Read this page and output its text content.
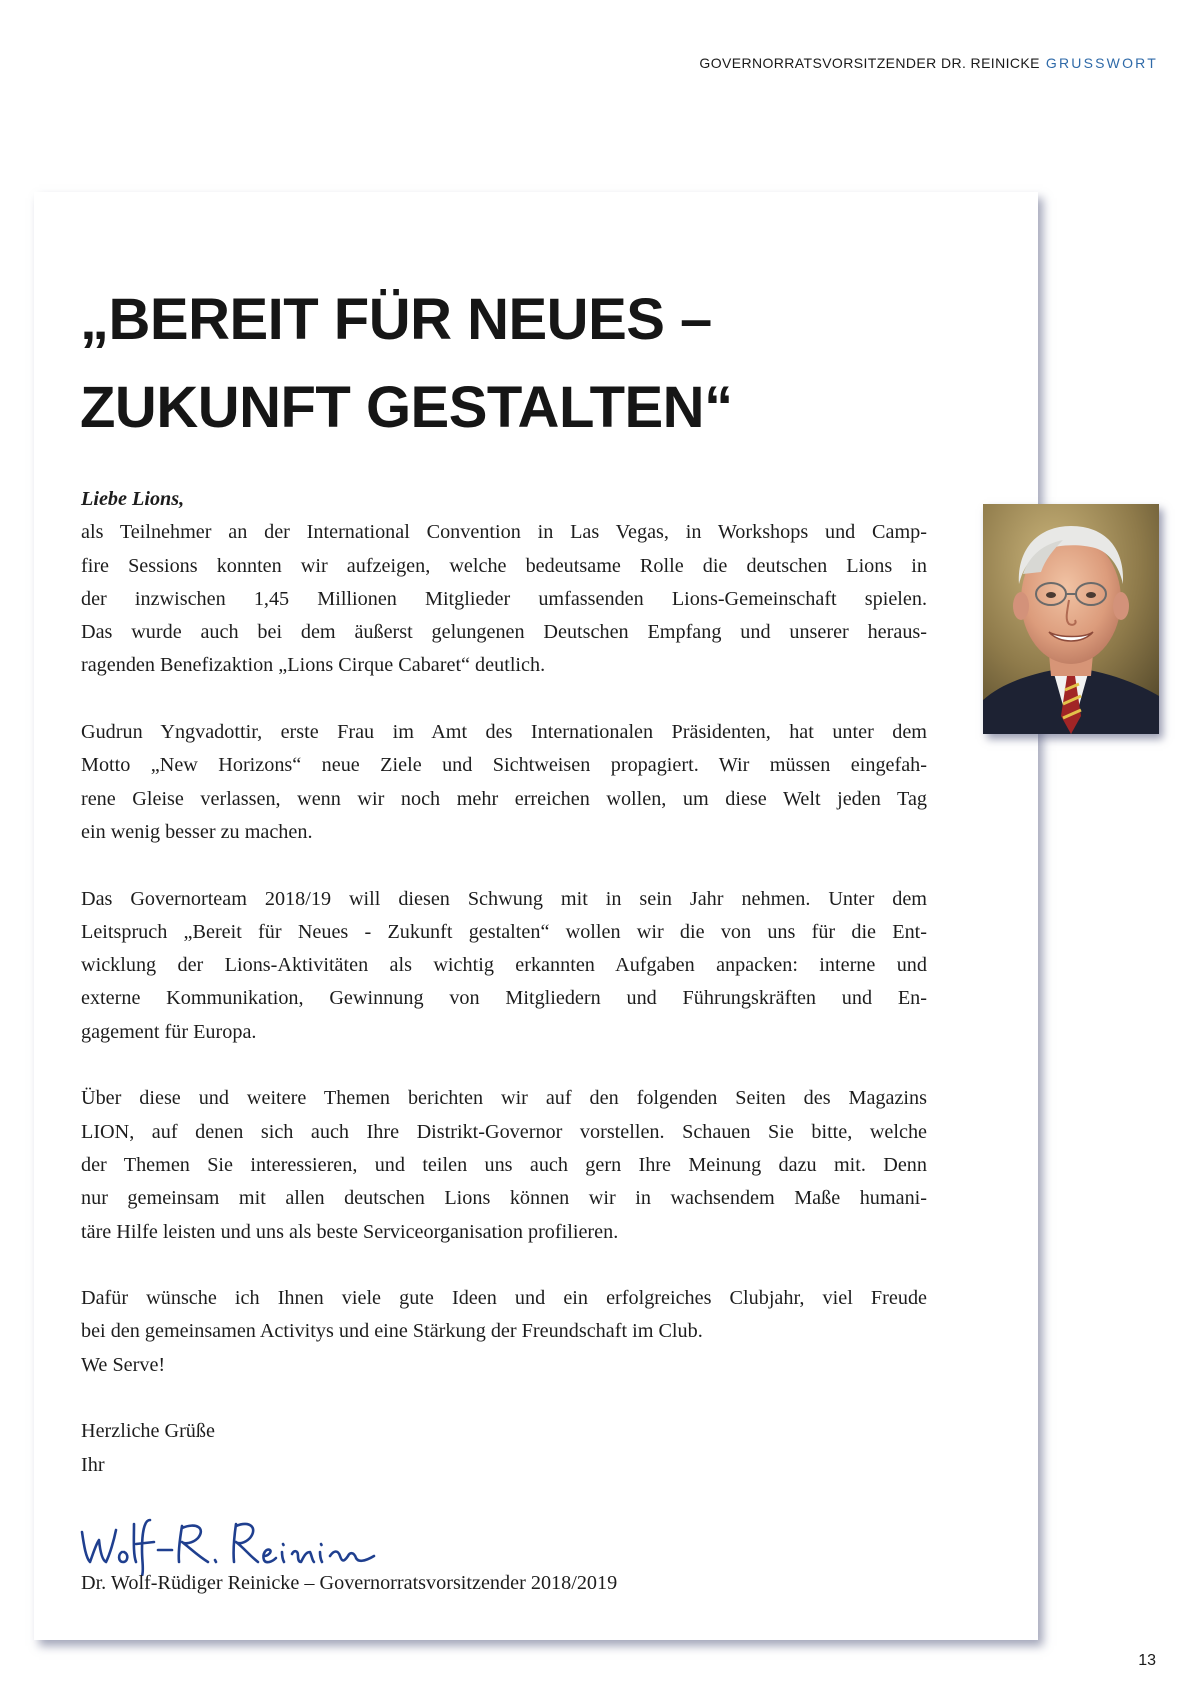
GOVERNORRATSVORSITZENDER DR. REINICKE GRUSSWORT
„BEREIT FÜR NEUES –
ZUKUNFT GESTALTEN“
Liebe Lions,

als Teilnehmer an der International Convention in Las Vegas, in Workshops und Camp-
fire Sessions konnten wir aufzeigen, welche bedeutsame Rolle die deutschen Lions in
der inzwischen 1,45 Millionen Mitglieder umfassenden Lions-Gemeinschaft spielen.
Das wurde auch bei dem äußerst gelungenen Deutschen Empfang und unserer heraus-
ragenden Benefizaktion „Lions Cirque Cabaret“ deutlich.

Gudrun Yngvadottir, erste Frau im Amt des Internationalen Präsidenten, hat unter dem
Motto „New Horizons“ neue Ziele und Sichtweisen propagiert. Wir müssen eingefah-
rene Gleise verlassen, wenn wir noch mehr erreichen wollen, um diese Welt jeden Tag
ein wenig besser zu machen.

Das Governorteam 2018/19 will diesen Schwung mit in sein Jahr nehmen. Unter dem
Leitspruch „Bereit für Neues - Zukunft gestalten“ wollen wir die von uns für die Ent-
wicklung der Lions-Aktivitäten als wichtig erkannten Aufgaben anpacken: interne und
externe Kommunikation, Gewinnung von Mitgliedern und Führungskräften und En-
gagement für Europa.

Über diese und weitere Themen berichten wir auf den folgenden Seiten des Magazins
LION, auf denen sich auch Ihre Distrikt-Governor vorstellen. Schauen Sie bitte, welche
der Themen Sie interessieren, und teilen uns auch gern Ihre Meinung dazu mit. Denn
nur gemeinsam mit allen deutschen Lions können wir in wachsendem Maße humani-
täre Hilfe leisten und uns als beste Serviceorganisation profilieren.

Dafür wünsche ich Ihnen viele gute Ideen und ein erfolgreiches Clubjahr, viel Freude
bei den gemeinsamen Activitys und eine Stärkung der Freundschaft im Club.
We Serve!

Herzliche Grüße
Ihr

Dr. Wolf-Rüdiger Reinicke – Governorratsvorsitzender 2018/2019
13
